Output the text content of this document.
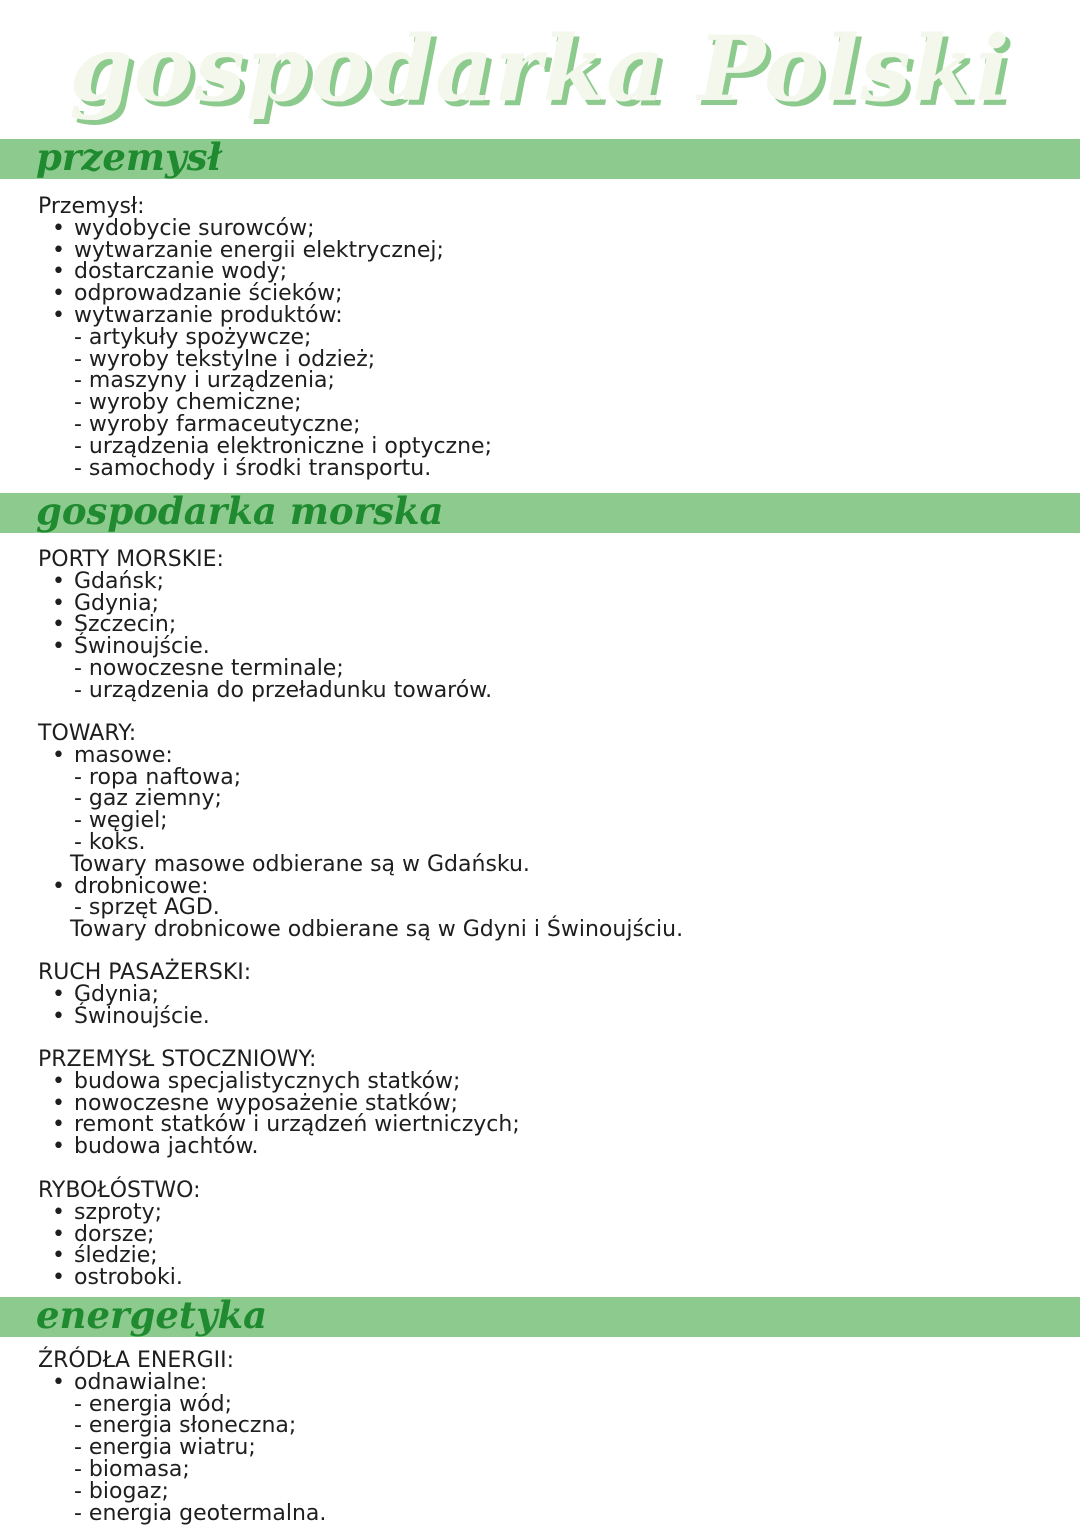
gospodarka Polski
przemysł
Przemysł:
• wydobycie surowców;
• wytwarzanie energii elektrycznej;
• dostarczanie wody;
• odprowadzanie ścieków;
• wytwarzanie produktów:
- artykuły spożywcze;
- wyroby tekstylne i odzież;
- maszyny i urządzenia;
- wyroby chemiczne;
- wyroby farmaceutyczne;
- urządzenia elektroniczne i optyczne;
- samochody i środki transportu.
gospodarka morska
PORTY MORSKIE:
• Gdańsk;
• Gdynia;
• Szczecin;
• Świnoujście.
- nowoczesne terminale;
- urządzenia do przeładunku towarów.
TOWARY:
• masowe:
- ropa naftowa;
- gaz ziemny;
- węgiel;
- koks.
Towary masowe odbierane są w Gdańsku.
• drobnicowe:
- sprzęt AGD.
Towary drobnicowe odbierane są w Gdyni i Świnoujściu.
RUCH PASAŻERSKI:
• Gdynia;
• Świnoujście.
PRZEMYSŁ STOCZNIOWY:
• budowa specjalistycznych statków;
• nowoczesne wyposażenie statków;
• remont statków i urządzeń wiertniczych;
• budowa jachtów.
RYBOŁÓSTWO:
• szproty;
• dorsze;
• śledzie;
• ostroboki.
energetyka
ŹRÓDŁA ENERGII:
• odnawialne:
- energia wód;
- energia słoneczna;
- energia wiatru;
- biomasa;
- biogaz;
- energia geotermalna.
